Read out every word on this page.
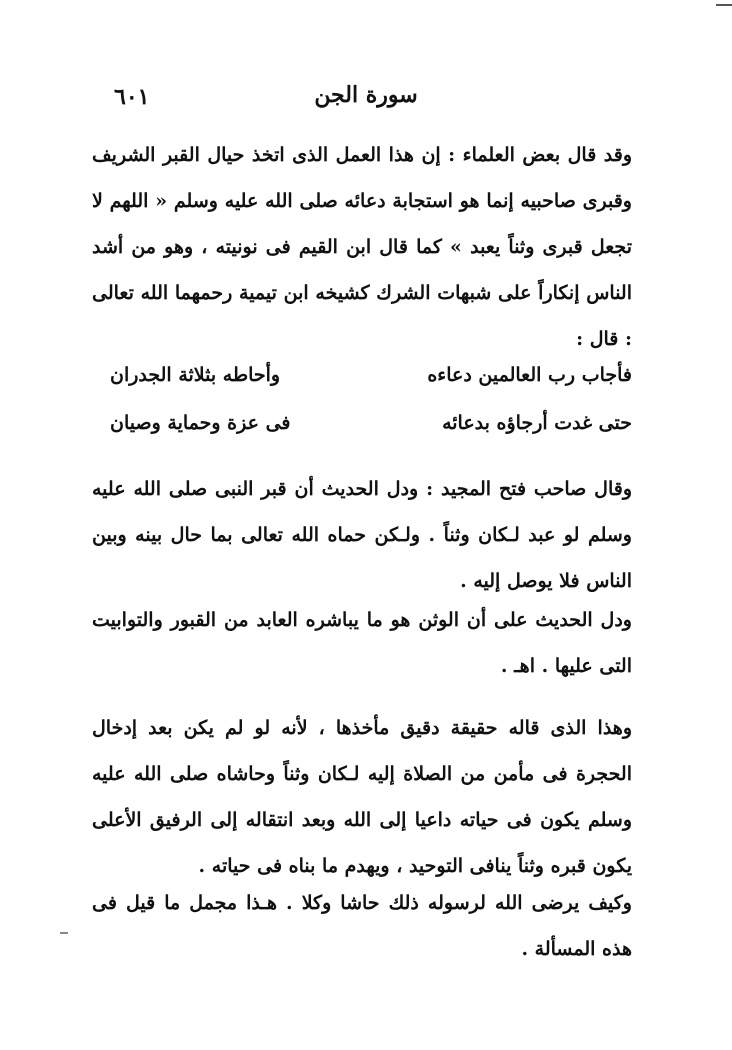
سورة الجن
٦٠١
وقد قال بعض العلماء : إن هذا العمل الذى اتخذ حيال القبر الشريف وقبرى صاحبيه إنما هو استجابة دعائه صلى الله عليه وسلم « اللهم لا تجعل قبرى وثناً يعبد » كما قال ابن القيم فى نونيته ، وهو من أشد الناس إنكاراً على شبهات الشرك كشيخه ابن تيمية رحمهما الله تعالى : قال :
فأجاب رب العالمين دعاءه
وأحاطه بثلاثة الجدران
حتى غدت أرجاؤه بدعائه
فى عزة وحماية وصيان
وقال صاحب فتح المجيد : ودل الحديث أن قبر النبى صلى الله عليه وسلم لو عبد لـكان وثناً . ولـكن حماه الله تعالى بما حال بينه وبين الناس فلا يوصل إليه .
ودل الحديث على أن الوثن هو ما يباشره العابد من القبور والتوابيت التى عليها . اهـ .
وهذا الذى قاله حقيقة دقيق مأخذها ، لأنه لو لم يكن بعد إدخال الحجرة فى مأمن من الصلاة إليه لـكان وثناً وحاشاه صلى الله عليه وسلم يكون فى حياته داعيا إلى الله وبعد انتقاله إلى الرفيق الأعلى يكون قبره وثناً ينافى التوحيد ، ويهدم ما بناه فى حياته .
وكيف يرضى الله لرسوله ذلك حاشا وكلا . هـذا مجمل ما قيل فى هذه المسألة .
